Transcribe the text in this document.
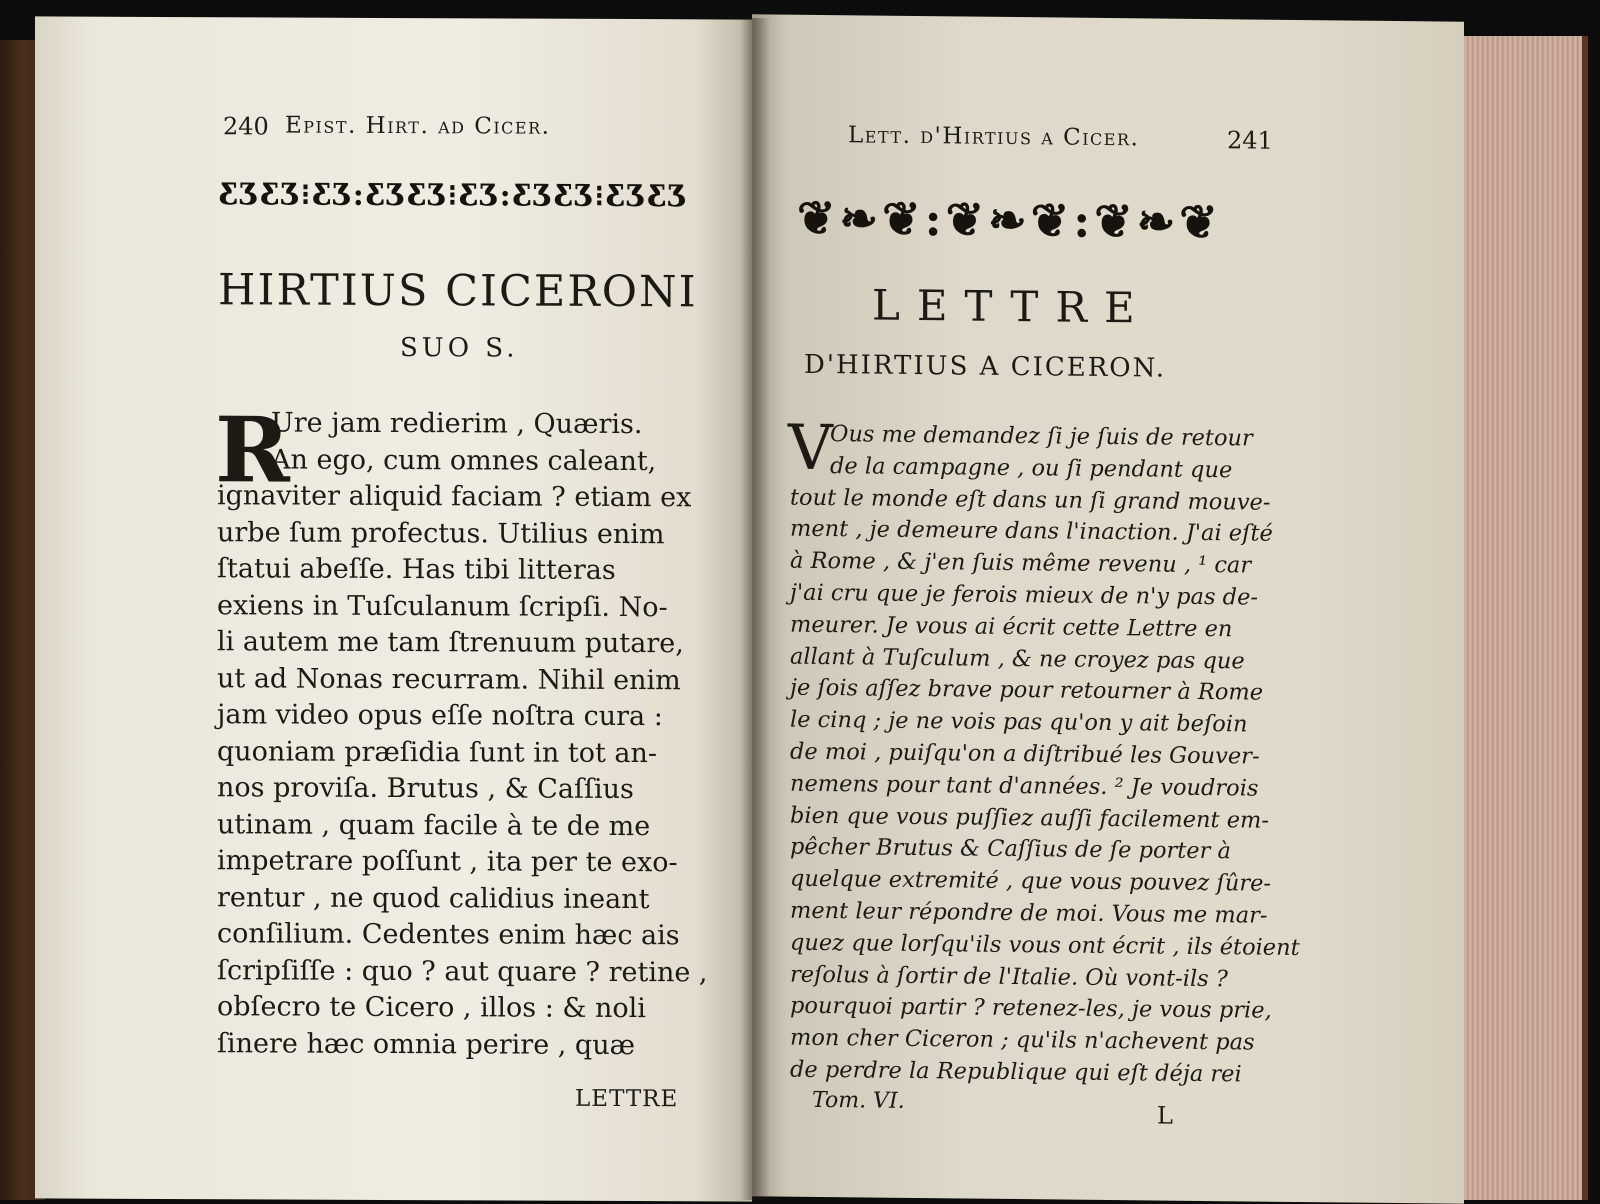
240 Epist. Hirt. ad Cicer.
ƸƷƸƷ⁝ƸƷ:ƸƷƸƷ⁝ƸƷ:ƸƷƸƷ⁝ƸƷƸƷ
HIRTIUS CICERONI
SUO S.
R
Ure jam redierim , Quæris.
An ego, cum omnes caleant,
ignaviter aliquid faciam ? etiam ex
urbe ſum profectus. Utilius enim
ſtatui abeſſe. Has tibi litteras
exiens in Tuſculanum ſcripſi. No-
li autem me tam ſtrenuum putare,
ut ad Nonas recurram. Nihil enim
jam video opus eſſe noſtra cura :
quoniam præſidia ſunt in tot an-
nos proviſa. Brutus , & Caſſius
utinam , quam facile à te de me
impetrare poſſunt , ita per te exo-
rentur , ne quod calidius ineant
conſilium. Cedentes enim hæc ais
ſcripſiſſe : quo ? aut quare ? retine ,
obſecro te Cicero , illos : & noli
ſinere hæc omnia perire , quæ
LETTRE
Lett. d'Hirtius a Cicer.	241
❦❧❦:❦❧❦:❦❧❦
LETTRE
D'HIRTIUS A CICERON.
V
Ous me demandez ſi je ſuis de retour
de la campagne , ou ſi pendant que
tout le monde eſt dans un ſi grand mouve-
ment , je demeure dans l'inaction. J'ai eſté
à Rome , & j'en ſuis même revenu , ¹ car
j'ai cru que je ferois mieux de n'y pas de-
meurer. Je vous ai écrit cette Lettre en
allant à Tuſculum , & ne croyez pas que
je ſois aſſez brave pour retourner à Rome
le cinq ; je ne vois pas qu'on y ait beſoin
de moi , puiſqu'on a diſtribué les Gouver-
nemens pour tant d'années. ² Je voudrois
bien que vous puſſiez auſſi facilement em-
pêcher Brutus & Caſſius de ſe porter à
quelque extremité , que vous pouvez ſûre-
ment leur répondre de moi. Vous me mar-
quez que lorſqu'ils vous ont écrit , ils étoient
reſolus à ſortir de l'Italie. Où vont-ils ?
pourquoi partir ? retenez-les, je vous prie,
mon cher Ciceron ; qu'ils n'achevent pas
de perdre la Republique qui eſt déja rei
Tom. VI.
L
